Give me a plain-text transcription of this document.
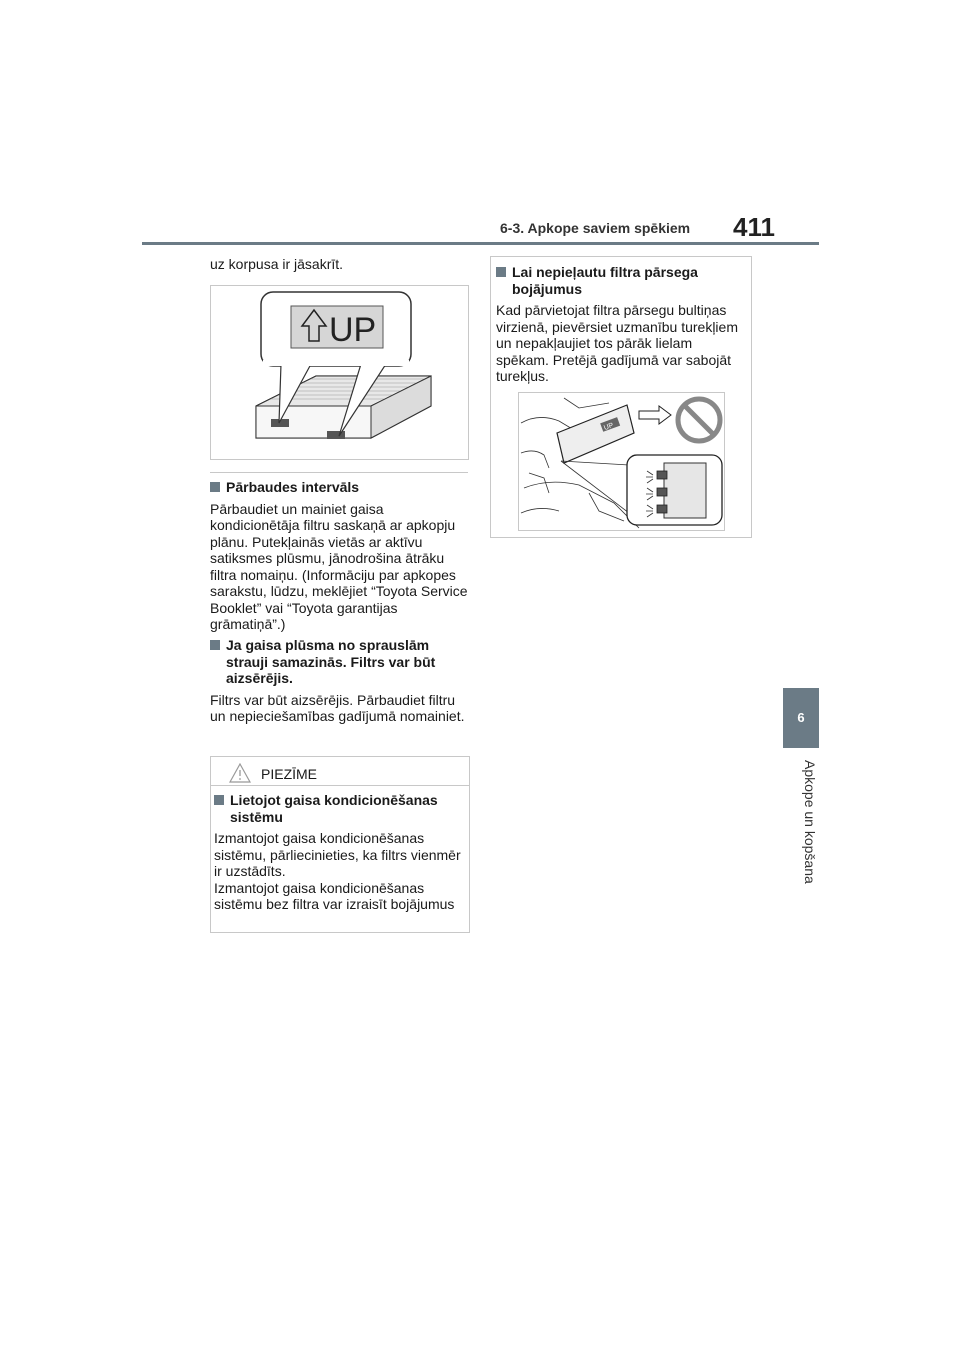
6-3. Apkope saviem spēkiem 411
6
Apkope un kopšana
uz korpusa ir jāsakrīt.
UP
Pārbaudes intervāls
Pārbaudiet un mainiet gaisa kondicionētāja filtru saskaņā ar apkopju plānu. Putekļainās vietās ar aktīvu satiksmes plūsmu, jānodrošina ātrāku filtra nomaiņu. (Informāciju par apkopes sarakstu, lūdzu, meklējiet “Toyota Service Booklet” vai “Toyota garantijas grāmatiņā”.)
Ja gaisa plūsma no sprauslām strauji samazinās. Filtrs var būt aizsērējis.
Filtrs var būt aizsērējis. Pārbaudiet filtru un nepieciešamības gadījumā nomainiet.
PIEZĪME
Lietojot gaisa kondicionēšanas sistēmu
Izmantojot gaisa kondicionēšanas sistēmu, pārliecinieties, ka filtrs vienmēr ir uzstādīts.
Izmantojot gaisa kondicionēšanas sistēmu bez filtra var izraisīt bojājumus
Lai nepieļautu filtra pārsega bojājumus
Kad pārvietojat filtra pārsegu bultiņas virzienā, pievērsiet uzmanību turekļiem un nepakļaujiet tos pārāk lielam spēkam. Pretējā gadījumā var sabojāt turekļus.
UP
